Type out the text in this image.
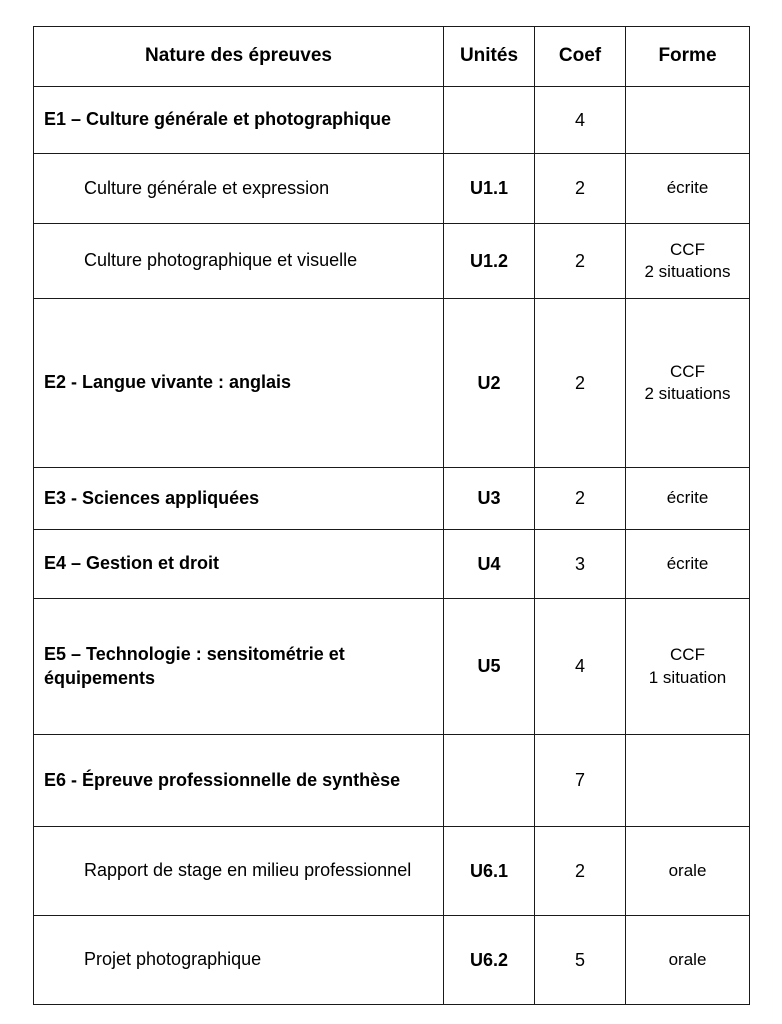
Nature des épreuves	Unités	Coef	Forme

E1 – Culture générale et photographique		4	

Culture générale et expression	U1.1	2	écrite

Culture photographique et visuelle	U1.2	2	CCF
2 situations

E2 - Langue vivante : anglais	U2	2	CCF
2 situations

E3 - Sciences appliquées	U3	2	écrite

E4 – Gestion et droit	U4	3	écrite

E5 – Technologie : sensitométrie et équipements	U5	4	CCF
1 situation

E6 - Épreuve professionnelle de synthèse		7	

Rapport de stage en milieu professionnel	U6.1	2	orale

Projet photographique	U6.2	5	orale
